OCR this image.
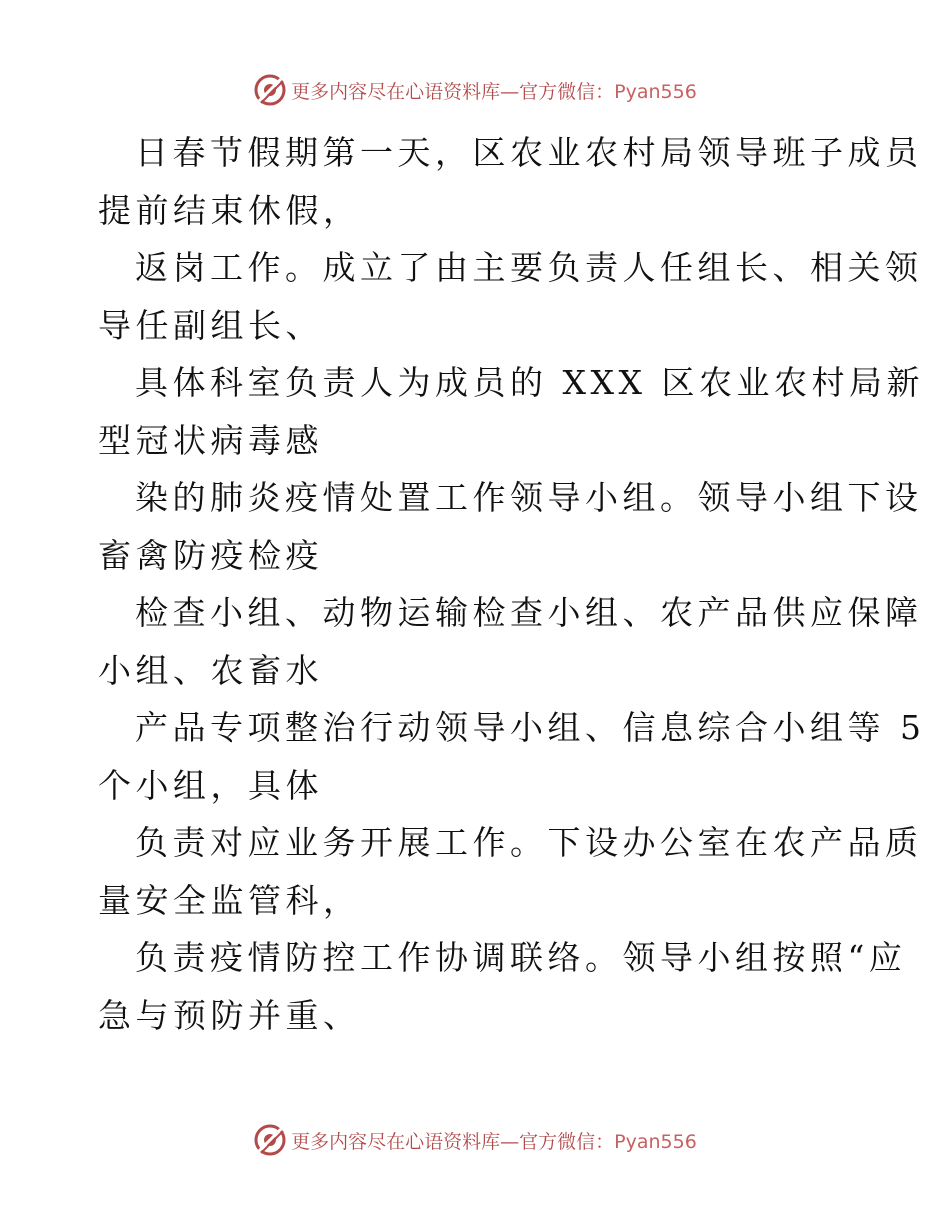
更多内容尽在心语资料库—官方微信：Pyan556

日春节假期第一天，区农业农村局领导班子成员
提前结束休假，

返岗工作。成立了由主要负责人任组长、相关领
导任副组长、

具体科室负责人为成员的 XXX 区农业农村局新
型冠状病毒感

染的肺炎疫情处置工作领导小组。领导小组下设
畜禽防疫检疫

检查小组、动物运输检查小组、农产品供应保障
小组、农畜水

产品专项整治行动领导小组、信息综合小组等 5
个小组，具体

负责对应业务开展工作。下设办公室在农产品质
量安全监管科，

负责疫情防控工作协调联络。领导小组按照“应
急与预防并重、

更多内容尽在心语资料库—官方微信：Pyan556
